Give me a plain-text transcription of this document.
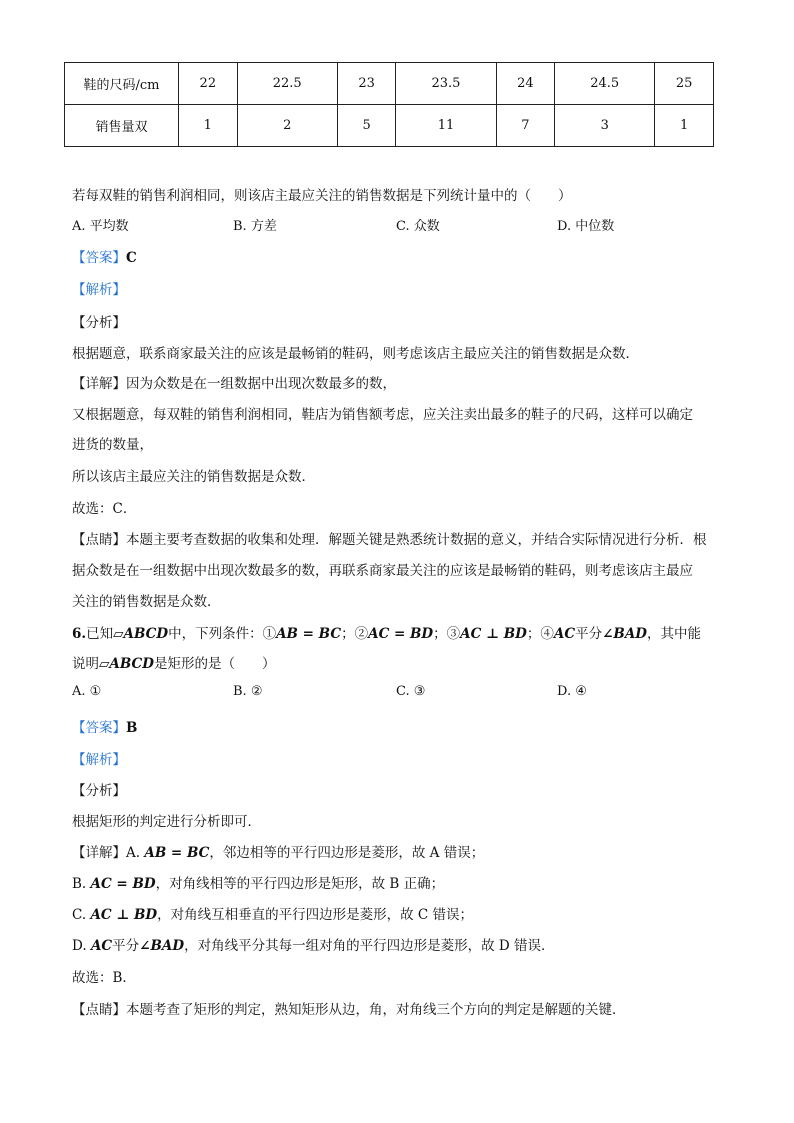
鞋的尺码/cm	22	22.5	23	23.5	24	24.5	25
销售量双	1	2	5	11	7	3	1
若每双鞋的销售利润相同，则该店主最应关注的销售数据是下列统计量中的（　　）
A. 平均数	B. 方差	C. 众数	D. 中位数
【答案】C
【解析】
【分析】
根据题意，联系商家最关注的应该是最畅销的鞋码，则考虑该店主最应关注的销售数据是众数．
【详解】因为众数是在一组数据中出现次数最多的数，
又根据题意，每双鞋的销售利润相同，鞋店为销售额考虑，应关注卖出最多的鞋子的尺码，这样可以确定
进货的数量，
所以该店主最应关注的销售数据是众数．
故选：C．
【点睛】本题主要考查数据的收集和处理．解题关键是熟悉统计数据的意义，并结合实际情况进行分析．根
据众数是在一组数据中出现次数最多的数，再联系商家最关注的应该是最畅销的鞋码，则考虑该店主最应
关注的销售数据是众数．
6.已知▱ABCD中，下列条件：①AB = BC；②AC = BD；③AC ⊥ BD；④AC平分∠BAD，其中能
说明▱ABCD是矩形的是（　　）
A. ①	B. ②	C. ③	D. ④
【答案】B
【解析】
【分析】
根据矩形的判定进行分析即可．
【详解】A. AB = BC，邻边相等的平行四边形是菱形，故 A 错误；
B. AC = BD，对角线相等的平行四边形是矩形，故 B 正确；
C. AC ⊥ BD，对角线互相垂直的平行四边形是菱形，故 C 错误；
D. AC平分∠BAD，对角线平分其每一组对角的平行四边形是菱形，故 D 错误．
故选：B．
【点睛】本题考查了矩形的判定，熟知矩形从边，角，对角线三个方向的判定是解题的关键．
